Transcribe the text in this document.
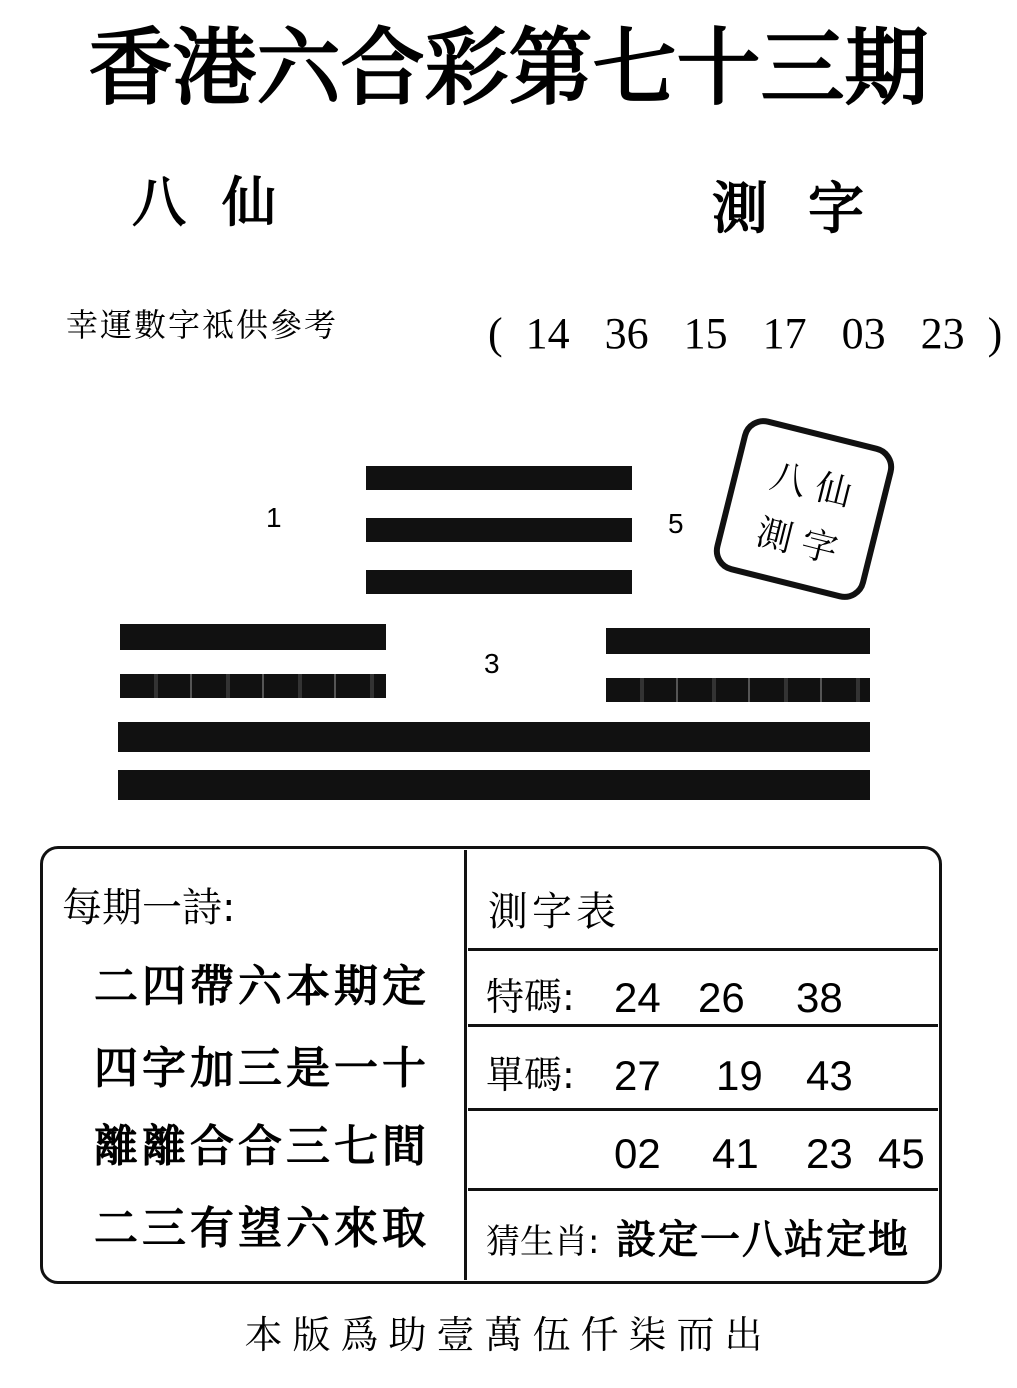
香港六合彩第七十三期
八仙	測字
幸運數字祗供參考	( 14 36 15 17 03 23 )
1	5
3
八仙
測字
每期一詩:
二四帶六本期定
四字加三是一十
離離合合三七間
二三有望六來取
測字表
特碼: 24 26 38
單碼: 27 19 43
02 41 23 45
猜生肖: 設定一八站定地
本版爲助壹萬伍仟柒而出
